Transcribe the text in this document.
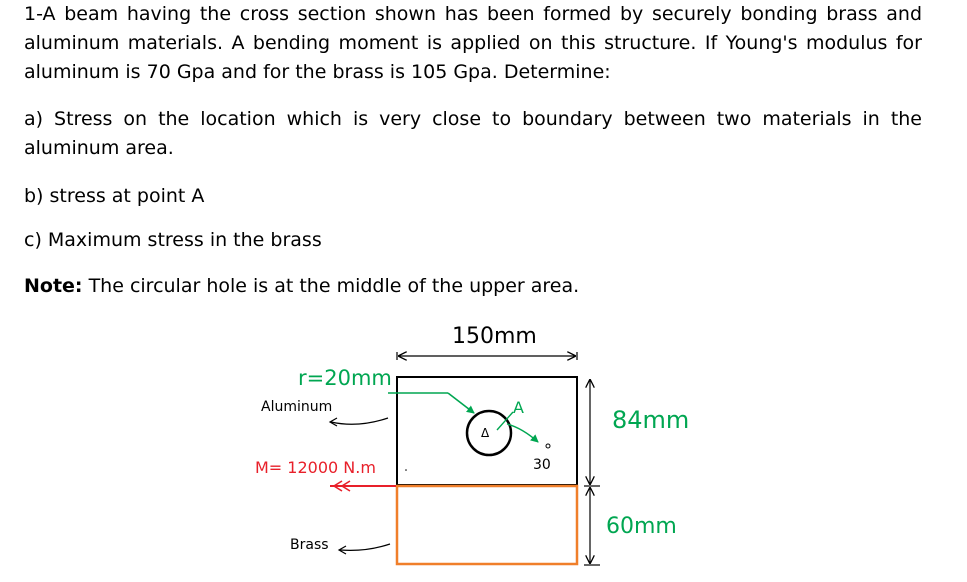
1-A beam having the cross section shown has been formed by securely bonding brass and aluminum materials. A bending moment is applied on this structure. If Young's modulus for aluminum is 70 Gpa and for the brass is 105 Gpa. Determine:

a) Stress on the location which is very close to boundary between two materials in the aluminum area.

b) stress at point A

c) Maximum stress in the brass

Note: The circular hole is at the middle of the upper area.

150mm
84mm
60mm
r=20mm
Aluminum
Δ
A
30
M= 12000 N.m
Brass
